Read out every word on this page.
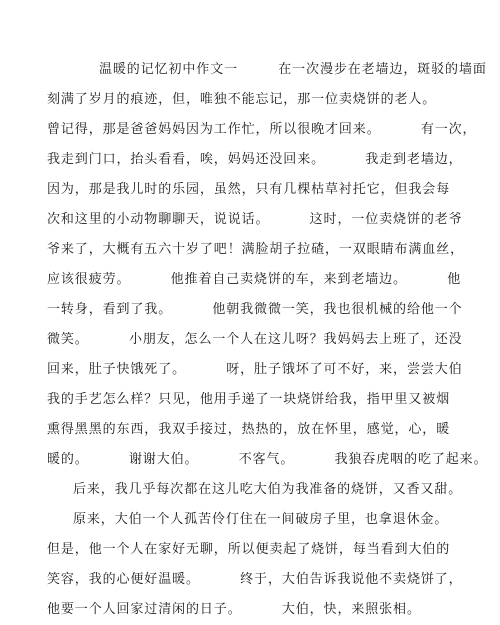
温暖的记忆初中作文一        在一次漫步在老墙边，斑驳的墙面
刻满了岁月的痕迹，但，唯独不能忘记，那一位卖烧饼的老人。
曾记得，那是爸爸妈妈因为工作忙，所以很晚才回来。        有一次，
我走到门口，抬头看看，唉，妈妈还没回来。        我走到老墙边，
因为，那是我儿时的乐园，虽然，只有几棵枯草衬托它，但我会每
次和这里的小动物聊聊天，说说话。        这时，一位卖烧饼的老爷
爷来了，大概有五六十岁了吧！满脸胡子拉碴，一双眼睛布满血丝，
应该很疲劳。        他推着自己卖烧饼的车，来到老墙边。        他
一转身，看到了我。        他朝我微微一笑，我也很机械的给他一个
微笑。        小朋友，怎么一个人在这儿呀？我妈妈去上班了，还没
回来，肚子快饿死了。        呀，肚子饿坏了可不好，来，尝尝大伯
我的手艺怎么样？只见，他用手递了一块烧饼给我，指甲里又被烟
熏得黑黑的东西，我双手接过，热热的，放在怀里，感觉，心，暖
暖的。        谢谢大伯。        不客气。        我狼吞虎咽的吃了起来。
后来，我几乎每次都在这儿吃大伯为我准备的烧饼，又香又甜。
原来，大伯一个人孤苦伶仃住在一间破房子里，也拿退休金。
但是，他一个人在家好无聊，所以便卖起了烧饼，每当看到大伯的
笑容，我的心便好温暖。        终于，大伯告诉我说他不卖烧饼了，
他要一个人回家过清闲的日子。        大伯，快，来照张相。
